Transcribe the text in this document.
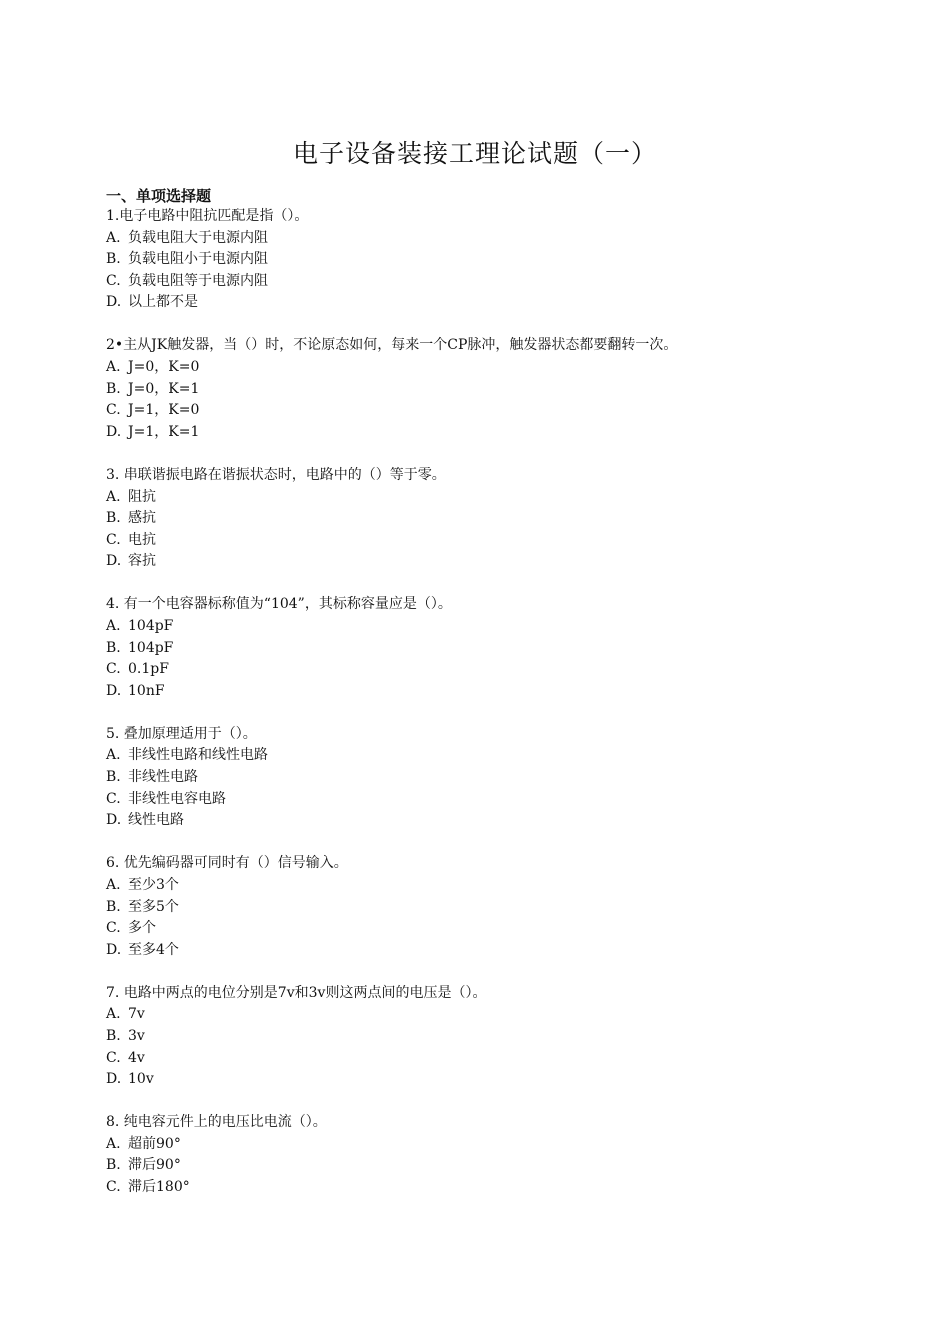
电子设备装接工理论试题（一）
一、单项选择题
1.电子电路中阻抗匹配是指（）。
A. 负载电阻大于电源内阻
B. 负载电阻小于电源内阻
C. 负载电阻等于电源内阻
D. 以上都不是
2•主从JK触发器，当（）时，不论原态如何，每来一个CP脉冲，触发器状态都要翻转一次。
A. J=0，K=0
B. J=0，K=1
C. J=1，K=0
D. J=1，K=1
3. 串联谐振电路在谐振状态时，电路中的（）等于零。
A. 阻抗
B. 感抗
C. 电抗
D. 容抗
4. 有一个电容器标称值为“104”，其标称容量应是（）。
A. 104pF
B. 104pF
C. 0.1pF
D. 10nF
5. 叠加原理适用于（）。
A. 非线性电路和线性电路
B. 非线性电路
C. 非线性电容电路
D. 线性电路
6. 优先编码器可同时有（）信号输入。
A. 至少3个
B. 至多5个
C. 多个
D. 至多4个
7. 电路中两点的电位分别是7v和3v则这两点间的电压是（）。
A. 7v
B. 3v
C. 4v
D. 10v
8. 纯电容元件上的电压比电流（）。
A. 超前90°
B. 滞后90°
C. 滞后180°
